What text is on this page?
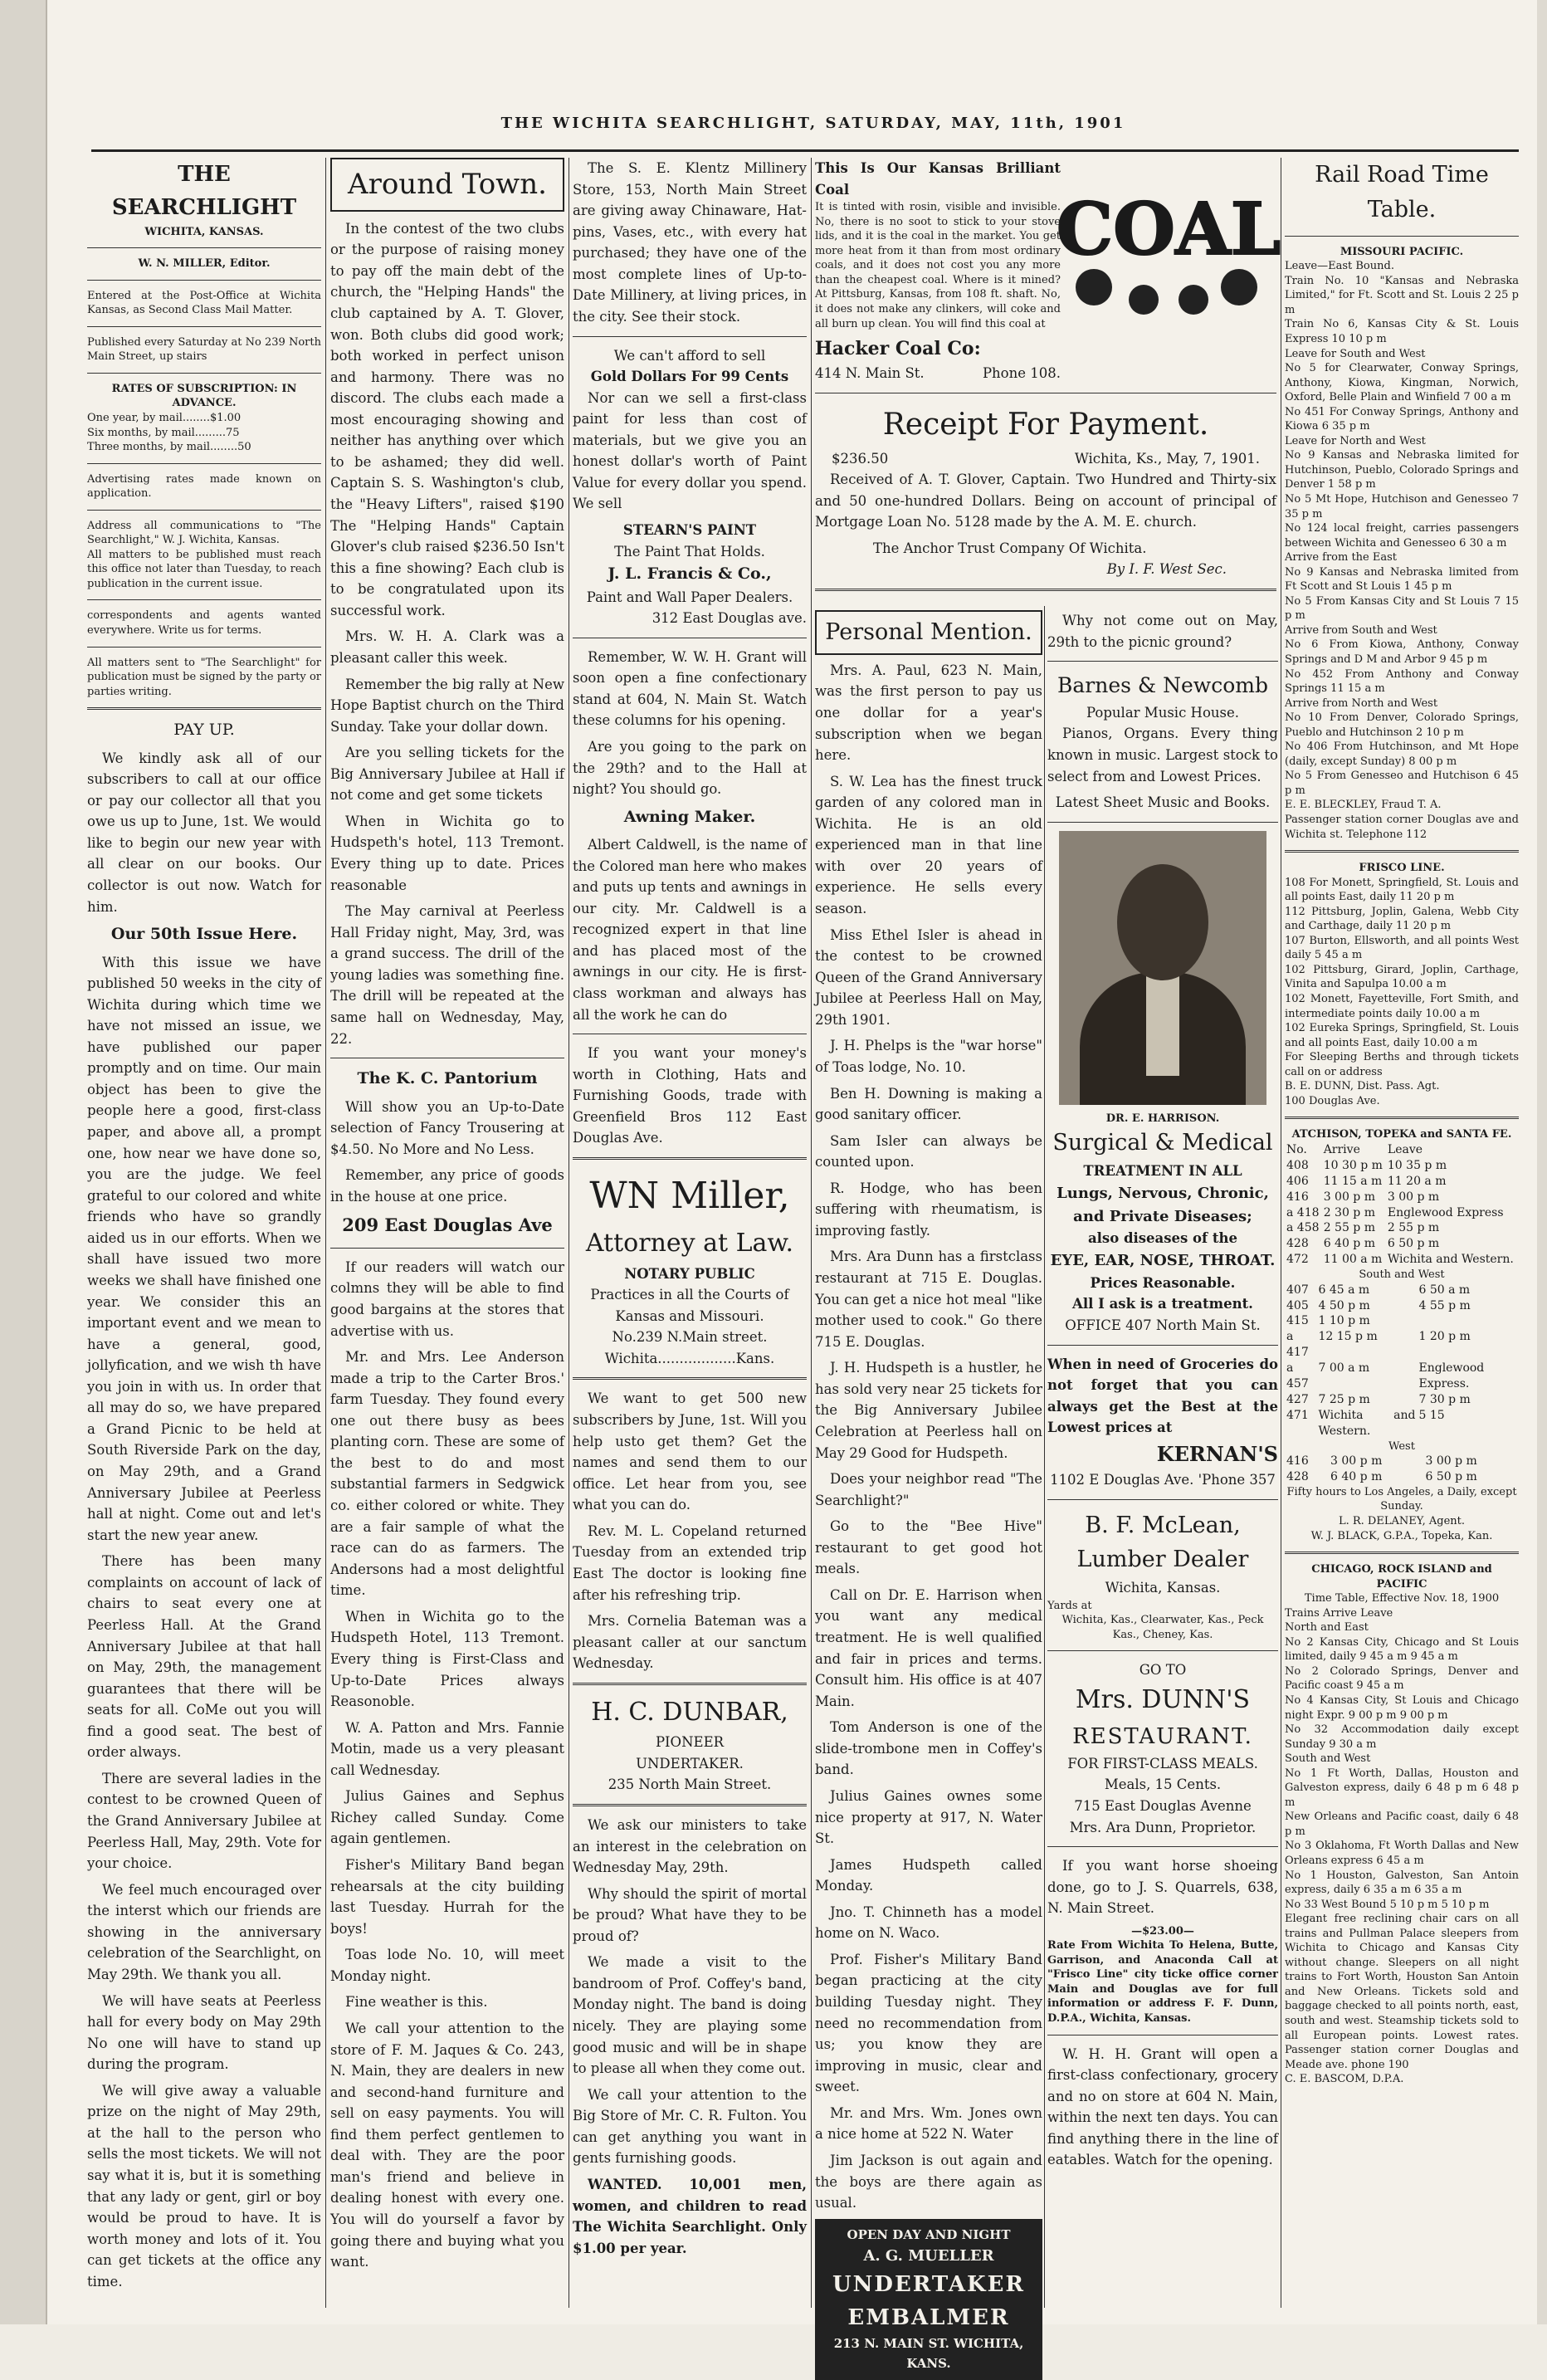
THE WICHITA SEARCHLIGHT, SATURDAY, MAY, 11th, 1901
THE SEARCHLIGHT
WICHITA, KANSAS.
W. N. MILLER, Editor.
Entered at the Post-Office at Wichita Kansas, as Second Class Mail Matter.
Published every Saturday at No 239 North Main Street, up stairs
RATES OF SUBSCRIPTION: IN ADVANCE.
One year, by mail........$1.00
Six months, by mail.........75
Three months, by mail........50
Advertising rates made known on application.
Address all communications to "The Searchlight," W. J. Wichita, Kansas.
All matters to be published must reach this office not later than Tuesday, to reach publication in the current issue.
correspondents and agents wanted everywhere. Write us for terms.
All matters sent to "The Searchlight" for publication must be signed by the party or parties writing.
PAY UP.

We kindly ask all of our subscribers to call at our office or pay our collector all that you owe us up to June, 1st. We would like to begin our new year with all clear on our books. Our collector is out now. Watch for him.

Our 50th Issue Here.

With this issue we have published 50 weeks in the city of Wichita during which time we have not missed an issue, we have published our paper promptly and on time. Our main object has been to give the people here a good, first-class paper, and above all, a prompt one, how near we have done so, you are the judge. We feel grateful to our colored and white friends who have so grandly aided us in our efforts. When we shall have issued two more weeks we shall have finished one year. We consider this an important event and we mean to have a general, good, jollyfication, and we wish th have you join in with us. In order that all may do so, we have prepared a Grand Picnic to be held at South Riverside Park on the day, on May 29th, and a Grand Anniversary Jubilee at Peerless hall at night. Come out and let's start the new year anew.

There has been many complaints on account of lack of chairs to seat every one at Peerless Hall. At the Grand Anniversary Jubilee at that hall on May, 29th, the management guarantees that there will be seats for all. CoMe out you will find a good seat. The best of order always.

There are several ladies in the contest to be crowned Queen of the Grand Anniversary Jubilee at Peerless Hall, May, 29th. Vote for your choice.

We feel much encouraged over the interst which our friends are showing in the anniversary celebration of the Searchlight, on May 29th. We thank you all.

We will have seats at Peerless hall for every body on May 29th No one will have to stand up during the program.

We will give away a valuable prize on the night of May 29th, at the hall to the person who sells the most tickets. We will not say what it is, but it is something that any lady or gent, girl or boy would be proud to have. It is worth money and lots of it. You can get tickets at the office any time.

Around Town.

In the contest of the two clubs or the purpose of raising money to pay off the main debt of the church, the "Helping Hands" the club captained by A. T. Glover, won. Both clubs did good work; both worked in perfect unison and harmony. There was no discord. The clubs each made a most encouraging showing and neither has anything over which to be ashamed; they did well. Captain S. S. Washington's club, the "Heavy Lifters", raised $190 The "Helping Hands" Captain Glover's club raised $236.50 Isn't this a fine showing? Each club is to be congratulated upon its successful work.

Mrs. W. H. A. Clark was a pleasant caller this week.

Remember the big rally at New Hope Baptist church on the Third Sunday. Take your dollar down.

Are you selling tickets for the Big Anniversary Jubilee at Hall if not come and get some tickets

When in Wichita go to Hudspeth's hotel, 113 Tremont. Every thing up to date. Prices reasonable

The May carnival at Peerless Hall Friday night, May, 3rd, was a grand success. The drill of the young ladies was something fine. The drill will be repeated at the same hall on Wednesday, May, 22.

The K. C. Pantorium

Will show you an Up-to-Date selection of Fancy Trousering at $4.50. No More and No Less.

Remember, any price of goods in the house at one price.

209 East Douglas Ave

If our readers will watch our colmns they will be able to find good bargains at the stores that advertise with us.

Mr. and Mrs. Lee Anderson made a trip to the Carter Bros.' farm Tuesday. They found every one out there busy as bees planting corn. These are some of the best to do and most substantial farmers in Sedgwick co. either colored or white. They are a fair sample of what the race can do as farmers. The Andersons had a most delightful time.

When in Wichita go to the Hudspeth Hotel, 113 Tremont. Every thing is First-Class and Up-to-Date Prices always Reasonoble.

W. A. Patton and Mrs. Fannie Motin, made us a very pleasant call Wednesday.

Julius Gaines and Sephus Richey called Sunday. Come again gentlemen.

Fisher's Military Band began rehearsals at the city building last Tuesday. Hurrah for the boys!

Toas lode No. 10, will meet Monday night.

Fine weather is this.

We call your attention to the store of F. M. Jaques & Co. 243, N. Main, they are dealers in new and second-hand furniture and sell on easy payments. You will find them perfect gentlemen to deal with. They are the poor man's friend and believe in dealing honest with every one. You will do yourself a favor by going there and buying what you want.

The S. E. Klentz Millinery Store, 153, North Main Street are giving away Chinaware, Hat-pins, Vases, etc., with every hat purchased; they have one of the most complete lines of Up-to-Date Millinery, at living prices, in the city. See their stock.

We can't afford to sell
Gold Dollars For 99 Cents

Nor can we sell a first-class paint for less than cost of materials, but we give you an honest dollar's worth of Paint Value for every dollar you spend. We sell

STEARN'S PAINT
The Paint That Holds.
J. L. Francis & Co.,
Paint and Wall Paper Dealers.
312 East Douglas ave.

Remember, W. W. H. Grant will soon open a fine confectionary stand at 604, N. Main St. Watch these columns for his opening.

Are you going to the park on the 29th? and to the Hall at night? You should go.

Awning Maker.

Albert Caldwell, is the name of the Colored man here who makes and puts up tents and awnings in our city. Mr. Caldwell is a recognized expert in that line and has placed most of the awnings in our city. He is first-class workman and always has all the work he can do

If you want your money's worth in Clothing, Hats and Furnishing Goods, trade with Greenfield Bros 112 East Douglas Ave.

WN Miller,
Attorney at Law.
NOTARY PUBLIC
Practices in all the Courts of Kansas and Missouri.
No.239 N.Main street.
Wichita..................Kans.

We want to get 500 new subscribers by June, 1st. Will you help usto get them? Get the names and send them to our office. Let hear from you, see what you can do.

Rev. M. L. Copeland returned Tuesday from an extended trip East The doctor is looking fine after his refreshing trip.

Mrs. Cornelia Bateman was a pleasant caller at our sanctum Wednesday.

H. C. DUNBAR,
PIONEER
UNDERTAKER.
235 North Main Street.

We ask our ministers to take an interest in the celebration on Wednesday May, 29th.

Why should the spirit of mortal be proud? What have they to be proud of?

We made a visit to the bandroom of Prof. Coffey's band, Monday night. The band is doing nicely. They are playing some good music and will be in shape to please all when they come out.

We call your attention to the Big Store of Mr. C. R. Fulton. You can get anything you want in gents furnishing goods.

WANTED. 10,001 men, women, and children to read The Wichita Searchlight. Only $1.00 per year.

This Is Our Kansas Brilliant Coal
It is tinted with rosin, visible and invisible. No, there is no soot to stick to your stove lids, and it is the coal in the market. You get more heat from it than from most ordinary coals, and it does not cost you any more than the cheapest coal. Where is it mined? At Pittsburg, Kansas, from 108 ft. shaft. No, it does not make any clinkers, will coke and all burn up clean. You will find this coal at
Hacker Coal Co:
414 N. Main St.	Phone 108.
COAL
Receipt For Payment.
$236.50	Wichita, Ks., May, 7, 1901.

Received of A. T. Glover, Captain. Two Hundred and Thirty-six and 50 one-hundred Dollars. Being on account of principal of Mortgage Loan No. 5128 made by the A. M. E. church.

The Anchor Trust Company Of Wichita.
By I. F. West Sec.
Personal Mention.

Mrs. A. Paul, 623 N. Main, was the first person to pay us one dollar for a year's subscription when we began here.

S. W. Lea has the finest truck garden of any colored man in Wichita. He is an old experienced man in that line with over 20 years of experience. He sells every season.

Miss Ethel Isler is ahead in the contest to be crowned Queen of the Grand Anniversary Jubilee at Peerless Hall on May, 29th 1901.

J. H. Phelps is the "war horse" of Toas lodge, No. 10.

Ben H. Downing is making a good sanitary officer.

Sam Isler can always be counted upon.

R. Hodge, who has been suffering with rheumatism, is improving fastly.

Mrs. Ara Dunn has a firstclass restaurant at 715 E. Douglas. You can get a nice hot meal "like mother used to cook." Go there 715 E. Douglas.

J. H. Hudspeth is a hustler, he has sold very near 25 tickets for the Big Anniversary Jubilee Celebration at Peerless hall on May 29 Good for Hudspeth.

Does your neighbor read "The Searchlight?"

Go to the "Bee Hive" restaurant to get good hot meals.

Call on Dr. E. Harrison when you want any medical treatment. He is well qualified and fair in prices and terms. Consult him. His office is at 407 Main.

Tom Anderson is one of the slide-trombone men in Coffey's band.

Julius Gaines ownes some nice property at 917, N. Water St.

James Hudspeth called Monday.

Jno. T. Chinneth has a model home on N. Waco.

Prof. Fisher's Military Band began practicing at the city building Tuesday night. They need no recommendation from us; you know they are improving in music, clear and sweet.

Mr. and Mrs. Wm. Jones own a nice home at 522 N. Water

Jim Jackson is out again and the boys are there again as usual.

OPEN DAY AND NIGHT
A. G. MUELLER
UNDERTAKER
EMBALMER
213 N. MAIN ST. WICHITA, KANS.

Why not come out on May, 29th to the picnic ground?

Barnes & Newcomb
Popular Music House.

Pianos, Organs. Every thing known in music. Largest stock to select from and Lowest Prices.

Latest Sheet Music and Books.
DR. E. HARRISON.
Surgical & Medical
TREATMENT IN ALL
Lungs, Nervous, Chronic, and Private Diseases;
also diseases of the
EYE, EAR, NOSE, THROAT.
Prices Reasonable.
All I ask is a treatment.
OFFICE 407 North Main St.
When in need of Groceries do not forget that you can always get the Best at the Lowest prices at
KERNAN'S
1102 E Douglas Ave. 'Phone 357
B. F. McLean,
Lumber Dealer
Wichita, Kansas.
Yards at
Wichita, Kas., Clearwater, Kas., Peck Kas., Cheney, Kas.
GO TO
Mrs. DUNN'S
RESTAURANT.
FOR FIRST-CLASS MEALS.
Meals, 15 Cents.
715 East Douglas Avenne
Mrs. Ara Dunn, Proprietor.

If you want horse shoeing done, go to J. S. Quarrels, 638, N. Main Street.

—$23.00—
Rate From Wichita To Helena, Butte, Garrison, and Anaconda Call at "Frisco Line" city ticke office corner Main and Douglas ave for full information or address F. F. Dunn, D.P.A., Wichita, Kansas.

W. H. H. Grant will open a first-class confectionary, grocery and no on store at 604 N. Main, within the next ten days. You can find anything there in the line of eatables. Watch for the opening.

Rail Road Time Table.
MISSOURI PACIFIC.
Leave—East Bound.
Train No. 10 "Kansas and Nebraska Limited," for Ft. Scott and St. Louis 2 25 p m
Train No 6, Kansas City & St. Louis Express 10 10 p m
Leave for South and West
No 5 for Clearwater, Conway Springs, Anthony, Kiowa, Kingman, Norwich, Oxford, Belle Plain and Winfield 7 00 a m
No 451 For Conway Springs, Anthony and Kiowa 6 35 p m
Leave for North and West
No 9 Kansas and Nebraska limited for Hutchinson, Pueblo, Colorado Springs and Denver 1 58 p m
No 5 Mt Hope, Hutchison and Genesseo 7 35 p m
No 124 local freight, carries passengers between Wichita and Genesseo 6 30 a m
Arrive from the East
No 9 Kansas and Nebraska limited from Ft Scott and St Louis 1 45 p m
No 5 From Kansas City and St Louis 7 15 p m
Arrive from South and West
No 6 From Kiowa, Anthony, Conway Springs and D M and Arbor 9 45 p m
No 452 From Anthony and Conway Springs 11 15 a m
Arrive from North and West
No 10 From Denver, Colorado Springs, Pueblo and Hutchinson 2 10 p m
No 406 From Hutchinson, and Mt Hope (daily, except Sunday) 8 00 p m
No 5 From Genesseo and Hutchison 6 45 p m
E. E. BLECKLEY, Fraud T. A.
Passenger station corner Douglas ave and Wichita st. Telephone 112
FRISCO LINE.
108 For Monett, Springfield, St. Louis and all points East, daily 11 20 p m
112 Pittsburg, Joplin, Galena, Webb City and Carthage, daily 11 20 p m
107 Burton, Ellsworth, and all points West daily 5 45 a m
102 Pittsburg, Girard, Joplin, Carthage, Vinita and Sapulpa 10.00 a m
102 Monett, Fayetteville, Fort Smith, and intermediate points daily 10.00 a m
102 Eureka Springs, Springfield, St. Louis and all points East, daily 10.00 a m
For Sleeping Berths and through tickets call on or address
B. E. DUNN, Dist. Pass. Agt.
100 Douglas Ave.
ATCHISON, TOPEKA and SANTA FE.
No.	Arrive	Leave
408	10 30 p m	10 35 p m
406	11 15 a m	11 20 a m
416	3 00 p m	3 00 p m
a 418	2 30 p m	Englewood Express
a 458	2 55 p m	2 55 p m
428	6 40 p m	6 50 p m
472	11 00 a m	Wichita and Western.
South and West
407	6 45 a m	6 50 a m
405	4 50 p m	4 55 p m
415	1 10 p m	
a 417	12 15 p m	1 20 p m
a 457	7 00 a m	Englewood Express.
427	7 25 p m	7 30 p m
471	Wichita and Western.	5 15
West
416	3 00 p m	3 00 p m
428	6 40 p m	6 50 p m
Fifty hours to Los Angeles, a Daily, except Sunday.
L. R. DELANEY, Agent.
W. J. BLACK, G.P.A., Topeka, Kan.
CHICAGO, ROCK ISLAND and PACIFIC
Time Table, Effective Nov. 18, 1900
Trains Arrive Leave
North and East
No 2 Kansas City, Chicago and St Louis limited, daily 9 45 a m 9 45 a m
No 2 Colorado Springs, Denver and Pacific coast 9 45 a m
No 4 Kansas City, St Louis and Chicago night Expr. 9 00 p m 9 00 p m
No 32 Accommodation daily except Sunday 9 30 a m
South and West
No 1 Ft Worth, Dallas, Houston and Galveston express, daily 6 48 p m 6 48 p m
New Orleans and Pacific coast, daily 6 48 p m
No 3 Oklahoma, Ft Worth Dallas and New Orleans express 6 45 a m
No 1 Houston, Galveston, San Antoin express, daily 6 35 a m 6 35 a m
No 33 West Bound 5 10 p m 5 10 p m
Elegant free reclining chair cars on all trains and Pullman Palace sleepers from Wichita to Chicago and Kansas City without change. Sleepers on all night trains to Fort Worth, Houston San Antoin and New Orleans. Tickets sold and baggage checked to all points north, east, south and west. Steamship tickets sold to all European points. Lowest rates. Passenger station corner Douglas and Meade ave. phone 190
C. E. BASCOM, D.P.A.
